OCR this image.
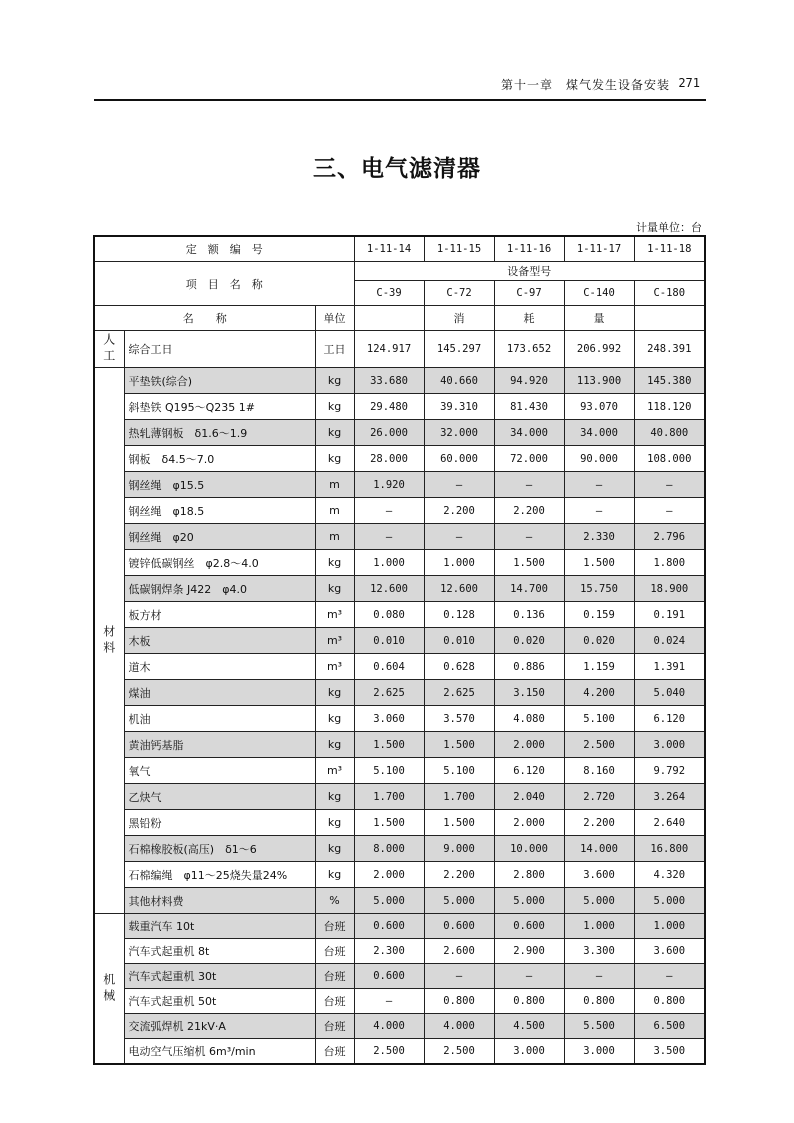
第十一章　煤气发生设备安装 271
三、电气滤清器
计量单位：台
定　额　编　号			1-11-14	1-11-15	1-11-16	1-11-17	1-11-18
项　目　名　称			设备型号				
			C-39	C-72	C-97	C-140	C-180
名　　称		单位		消	耗	量	
人工	综合工日	工日	124.917	145.297	173.652	206.992	248.391
材料	平垫铁(综合)	kg	33.680	40.660	94.920	113.900	145.380
	斜垫铁 Q195～Q235 1#	kg	29.480	39.310	81.430	93.070	118.120
	热轧薄钢板　δ1.6～1.9	kg	26.000	32.000	34.000	34.000	40.800
	钢板　δ4.5～7.0	kg	28.000	60.000	72.000	90.000	108.000
	钢丝绳　φ15.5	m	1.920	—	—	—	—
	钢丝绳　φ18.5	m	—	2.200	2.200	—	—
	钢丝绳　φ20	m	—	—	—	2.330	2.796
	镀锌低碳钢丝　φ2.8～4.0	kg	1.000	1.000	1.500	1.500	1.800
	低碳钢焊条 J422　φ4.0	kg	12.600	12.600	14.700	15.750	18.900
	板方材	m³	0.080	0.128	0.136	0.159	0.191
	木板	m³	0.010	0.010	0.020	0.020	0.024
	道木	m³	0.604	0.628	0.886	1.159	1.391
	煤油	kg	2.625	2.625	3.150	4.200	5.040
	机油	kg	3.060	3.570	4.080	5.100	6.120
	黄油钙基脂	kg	1.500	1.500	2.000	2.500	3.000
	氧气	m³	5.100	5.100	6.120	8.160	9.792
	乙炔气	kg	1.700	1.700	2.040	2.720	3.264
	黑铅粉	kg	1.500	1.500	2.000	2.200	2.640
	石棉橡胶板(高压)　δ1～6	kg	8.000	9.000	10.000	14.000	16.800
	石棉编绳　φ11～25烧失量24%	kg	2.000	2.200	2.800	3.600	4.320
	其他材料费	%	5.000	5.000	5.000	5.000	5.000
机械	载重汽车 10t	台班	0.600	0.600	0.600	1.000	1.000
	汽车式起重机 8t	台班	2.300	2.600	2.900	3.300	3.600
	汽车式起重机 30t	台班	0.600	—	—	—	—
	汽车式起重机 50t	台班	—	0.800	0.800	0.800	0.800
	交流弧焊机 21kV·A	台班	4.000	4.000	4.500	5.500	6.500
	电动空气压缩机 6m³/min	台班	2.500	2.500	3.000	3.000	3.500
